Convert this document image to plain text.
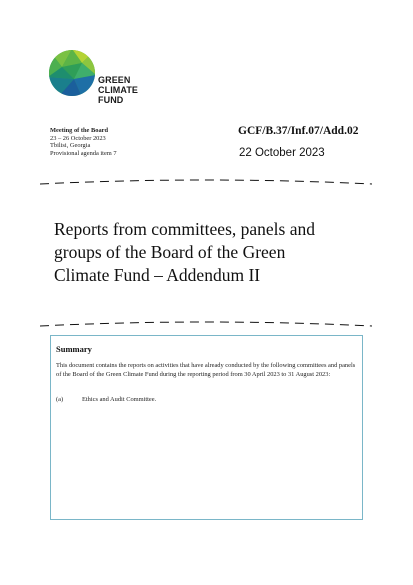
GREEN
CLIMATE
FUND
Meeting of the Board
23 – 26 October 2023
Tbilisi, Georgia
Provisional agenda item 7
GCF/B.37/Inf.07/Add.02
22 October 2023
Reports from committees, panels and
groups of the Board of the Green
Climate Fund – Addendum II
Summary
This document contains the reports on activities that have already conducted by the following committees and panels of the Board of the Green Climate Fund during the reporting period from 30 April 2023 to 31 August 2023:
(a)	Ethics and Audit Committee.
